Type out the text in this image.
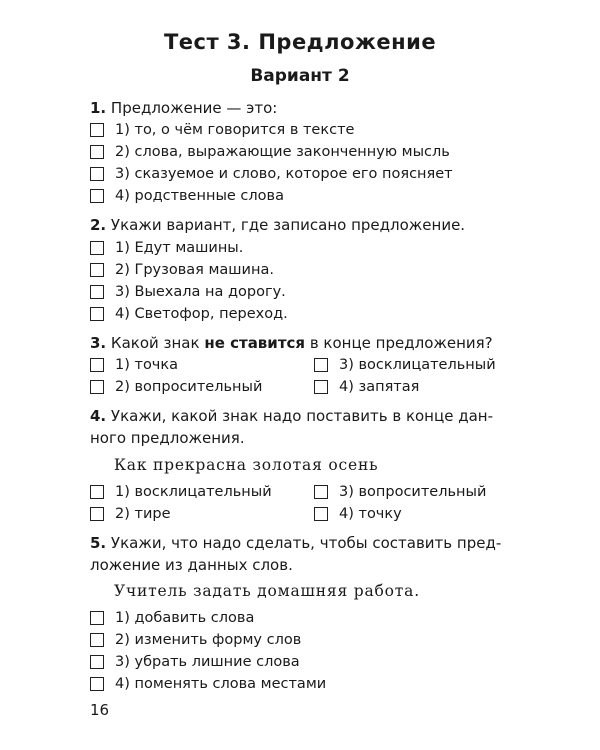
Тест 3. Предложение
Вариант 2
1. Предложение — это:
1) то, о чём говорится в тексте
2) слова, выражающие законченную мысль
3) сказуемое и слово, которое его поясняет
4) родственные слова
2. Укажи вариант, где записано предложение.
1) Едут машины.
2) Грузовая машина.
3) Выехала на дорогу.
4) Светофор, переход.
3. Какой знак не ставится в конце предложения?
1) точка	3) восклицательный
2) вопросительный	4) запятая
4. Укажи, какой знак надо поставить в конце дан-
ного предложения.
Как прекрасна золотая осень
1) восклицательный	3) вопросительный
2) тире	4) точку
5. Укажи, что надо сделать, чтобы составить пред-
ложение из данных слов.
Учитель задать домашняя работа.
1) добавить слова
2) изменить форму слов
3) убрать лишние слова
4) поменять слова местами
16
